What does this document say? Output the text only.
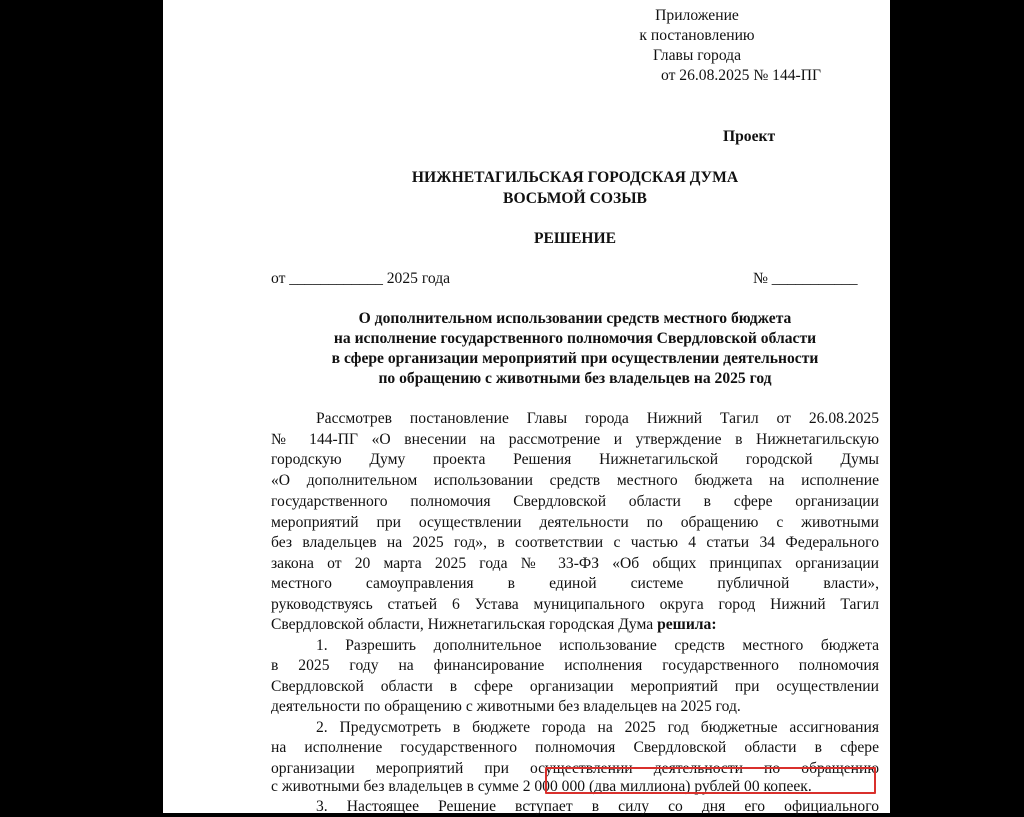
Приложение
к постановлению
Главы города
от 26.08.2025 № 144-ПГ
Проект
НИЖНЕТАГИЛЬСКАЯ ГОРОДСКАЯ ДУМА
ВОСЬМОЙ СОЗЫВ
РЕШЕНИЕ
от ____________ 2025 года	№ ___________
О дополнительном использовании средств местного бюджета
на исполнение государственного полномочия Свердловской области
в сфере организации мероприятий при осуществлении деятельности
по обращению с животными без владельцев на 2025 год
Рассмотрев постановление Главы города Нижний Тагил от 26.08.2025
№ 144-ПГ «О внесении на рассмотрение и утверждение в Нижнетагильскую
городскую Думу проекта Решения Нижнетагильской городской Думы
«О дополнительном использовании средств местного бюджета на исполнение
государственного полномочия Свердловской области в сфере организации
мероприятий при осуществлении деятельности по обращению с животными
без владельцев на 2025 год», в соответствии с частью 4 статьи 34 Федерального
закона от 20 марта 2025 года № 33-ФЗ «Об общих принципах организации
местного самоуправления в единой системе публичной власти»,
руководствуясь статьей 6 Устава муниципального округа город Нижний Тагил
Свердловской области, Нижнетагильская городская Дума решила:
1. Разрешить дополнительное использование средств местного бюджета
в 2025 году на финансирование исполнения государственного полномочия
Свердловской области в сфере организации мероприятий при осуществлении
деятельности по обращению с животными без владельцев на 2025 год.
2. Предусмотреть в бюджете города на 2025 год бюджетные ассигнования
на исполнение государственного полномочия Свердловской области в сфере
организации мероприятий при осуществлении деятельности по обращению
с животными без владельцев в сумме 2 000 000 (два миллиона) рублей 00 копеек.
3. Настоящее Решение вступает в силу со дня его официального
